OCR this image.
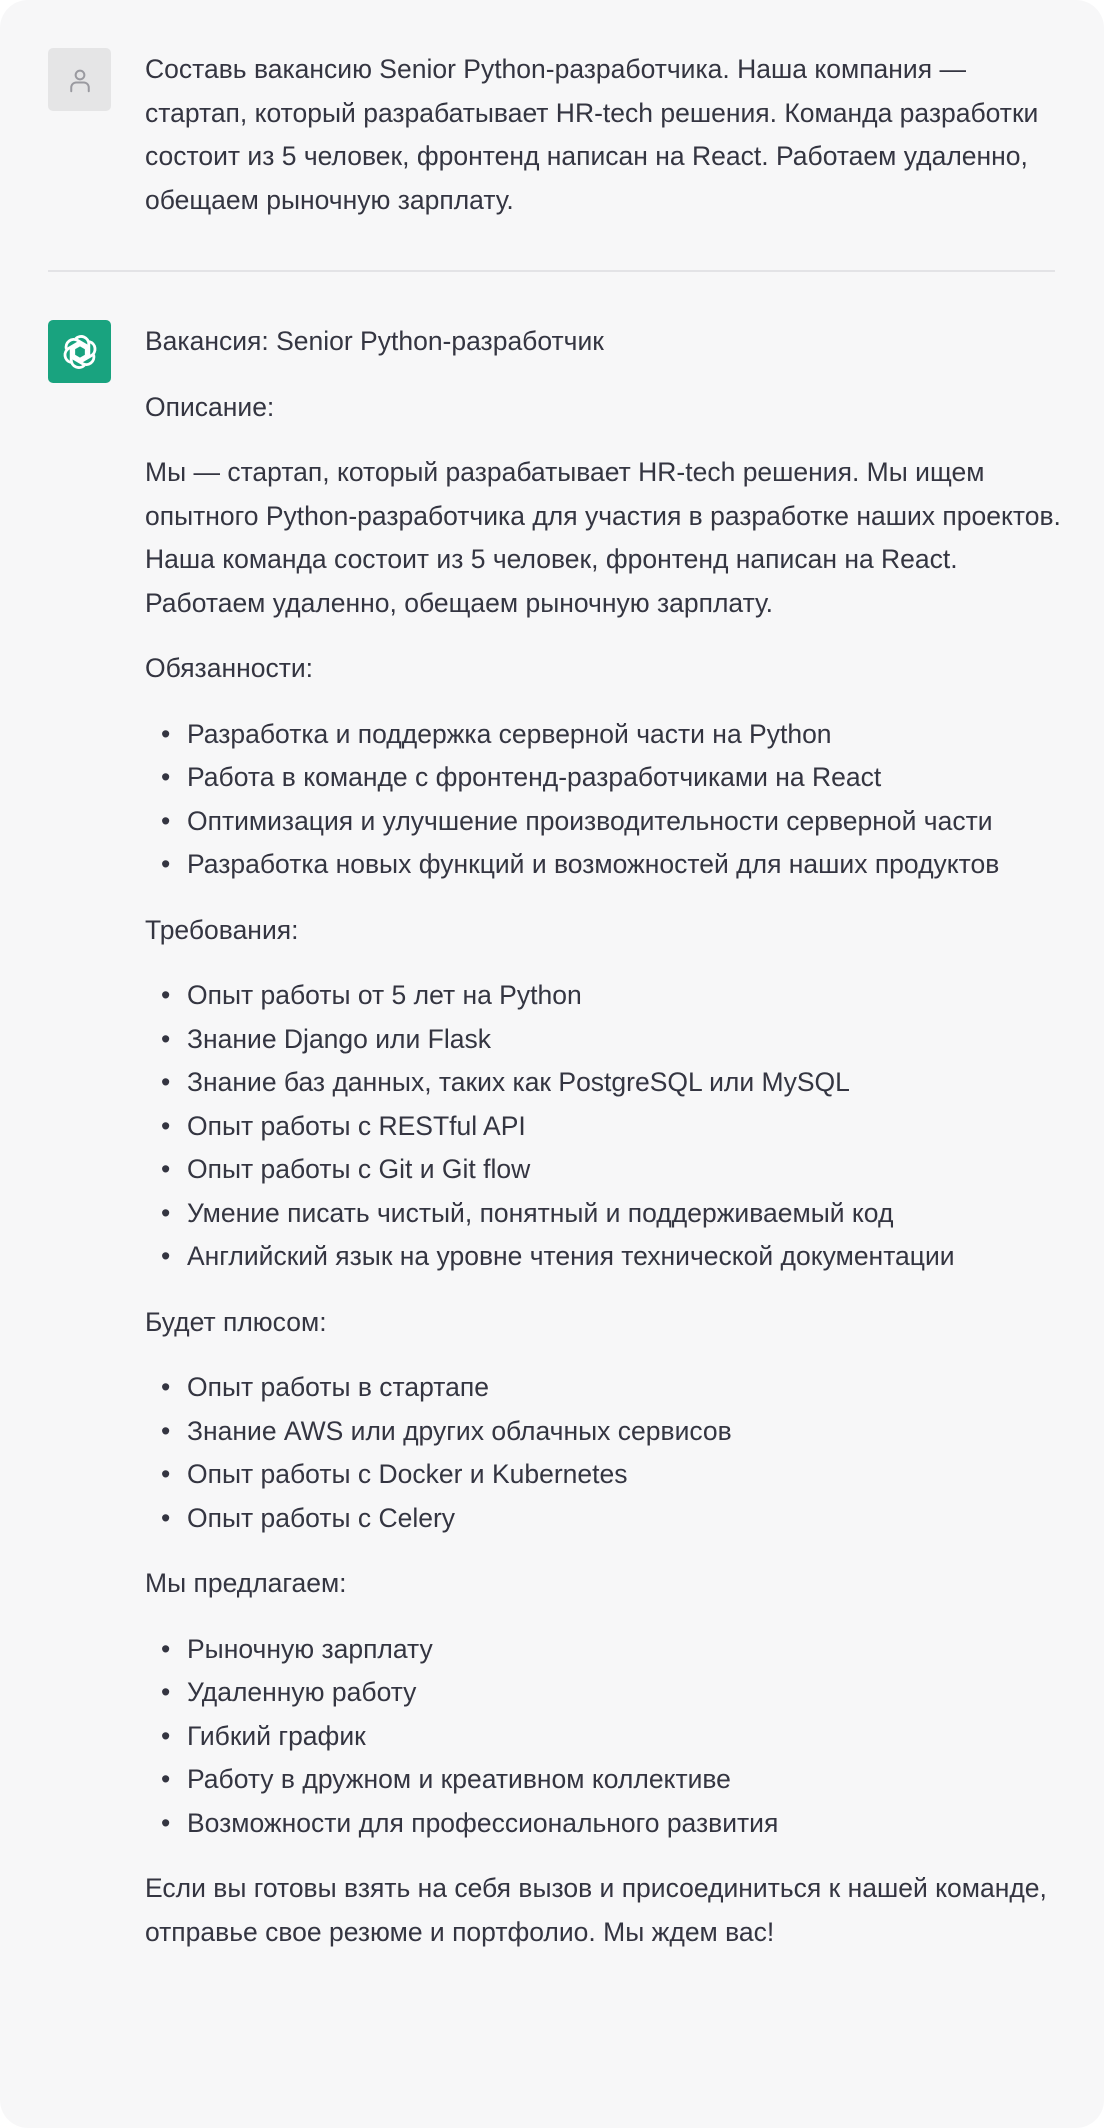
Составь вакансию Senior Python-разработчика. Наша компания — стартап, который разрабатывает HR-tech решения. Команда разработки состоит из 5 человек, фронтенд написан на React. Работаем удаленно, обещаем рыночную зарплату.

Вакансия: Senior Python-разработчик

Описание:

Мы — стартап, который разрабатывает HR-tech решения. Мы ищем опытного Python-разработчика для участия в разработке наших проектов. Наша команда состоит из 5 человек, фронтенд написан на React. Работаем удаленно, обещаем рыночную зарплату.

Обязанности:

• Разработка и поддержка серверной части на Python
• Работа в команде с фронтенд-разработчиками на React
• Оптимизация и улучшение производительности серверной части
• Разработка новых функций и возможностей для наших продуктов

Требования:

• Опыт работы от 5 лет на Python
• Знание Django или Flask
• Знание баз данных, таких как PostgreSQL или MySQL
• Опыт работы с RESTful API
• Опыт работы с Git и Git flow
• Умение писать чистый, понятный и поддерживаемый код
• Английский язык на уровне чтения технической документации

Будет плюсом:

• Опыт работы в стартапе
• Знание AWS или других облачных сервисов
• Опыт работы с Docker и Kubernetes
• Опыт работы с Celery

Мы предлагаем:

• Рыночную зарплату
• Удаленную работу
• Гибкий график
• Работу в дружном и креативном коллективе
• Возможности для профессионального развития

Если вы готовы взять на себя вызов и присоединиться к нашей команде, отправье свое резюме и портфолио. Мы ждем вас!
